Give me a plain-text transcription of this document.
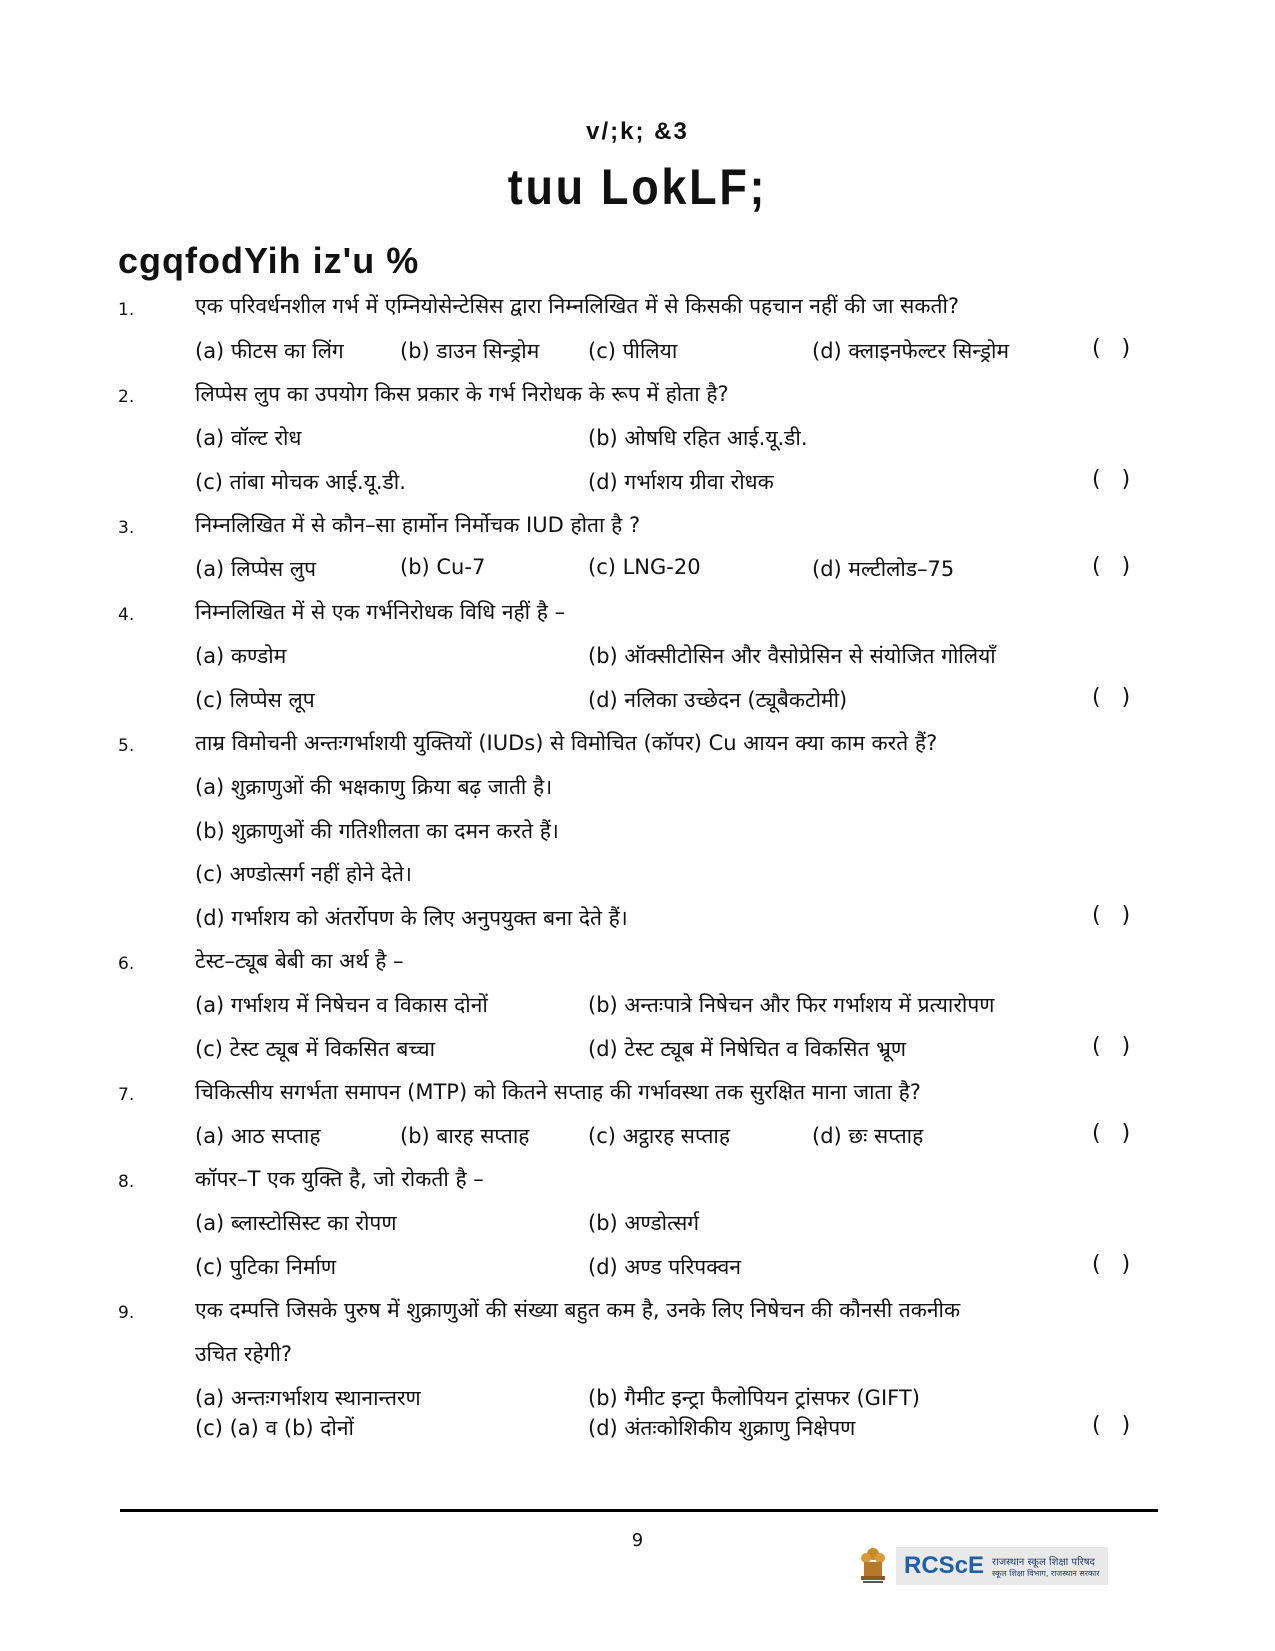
v/;k; &3
tuu LokLF;
cgqfodYih iz'u %
1.	एक परिवर्धनशील गर्भ में एम्नियोसेन्टेसिस द्वारा निम्नलिखित में से किसकी पहचान नहीं की जा सकती?
(a) फीटस का लिंग	(b) डाउन सिन्ड्रोम (c) पीलिया	(d) क्लाइनफेल्टर सिन्ड्रोम	(   )
2.	लिप्पेस लुप का उपयोग किस प्रकार के गर्भ निरोधक के रूप में होता है?
(a) वॉल्ट रोध	(b) ओषधि रहित आई.यू.डी.
(c) तांबा मोचक आई.यू.डी.	(d) गर्भाशय ग्रीवा रोधक	(   )
3.	निम्नलिखित में से कौन–सा हार्मोन निर्मोचक IUD होता है ?
(a) लिप्पेस लुप	(b) Cu-7	(c) LNG-20	(d) मल्टीलोड–75	(   )
4.	निम्नलिखित में से एक गर्भनिरोधक विधि नहीं है –
(a) कण्डोम	(b) ऑक्सीटोसिन और वैसोप्रेसिन से संयोजित गोलियाँ
(c) लिप्पेस लूप	(d) नलिका उच्छेदन (ट्यूबैकटोमी)	(   )
5.	ताम्र विमोचनी अन्तःगर्भाशयी युक्तियों (IUDs) से विमोचित (कॉपर) Cu आयन क्या काम करते हैं?
(a) शुक्राणुओं की भक्षकाणु क्रिया बढ़ जाती है।
(b) शुक्राणुओं की गतिशीलता का दमन करते हैं।
(c) अण्डोत्सर्ग नहीं होने देते।
(d) गर्भाशय को अंतर्रोपण के लिए अनुपयुक्त बना देते हैं।	(   )
6.	टेस्ट–ट्यूब बेबी का अर्थ है –
(a) गर्भाशय में निषेचन व विकास दोनों	(b) अन्तःपात्रे निषेचन और फिर गर्भाशय में प्रत्यारोपण
(c) टेस्ट ट्यूब में विकसित बच्चा	(d) टेस्ट ट्यूब में निषेचित व विकसित भ्रूण	(   )
7.	चिकित्सीय सगर्भता समापन (MTP) को कितने सप्ताह की गर्भावस्था तक सुरक्षित माना जाता है?
(a) आठ सप्ताह	(b) बारह सप्ताह	(c) अट्ठारह सप्ताह	(d) छः सप्ताह	(   )
8.	कॉपर–T एक युक्ति है, जो रोकती है –
(a) ब्लास्टोसिस्ट का रोपण	(b) अण्डोत्सर्ग
(c) पुटिका निर्माण	(d) अण्ड परिपक्वन	(   )
9.	एक दम्पत्ति जिसके पुरुष में शुक्राणुओं की संख्या बहुत कम है, उनके लिए निषेचन की कौनसी तकनीक
उचित रहेगी?
(a) अन्तःगर्भाशय स्थानान्तरण	(b) गैमीट इन्ट्रा फैलोपियन ट्रांसफर (GIFT)
(c) (a) व (b) दोनों	(d) अंतःकोशिकीय शुक्राणु निक्षेपण	(   )
9
RCScE राजस्थान स्कूल शिक्षा परिषद
स्कूल शिक्षा विभाग, राजस्थान सरकार
